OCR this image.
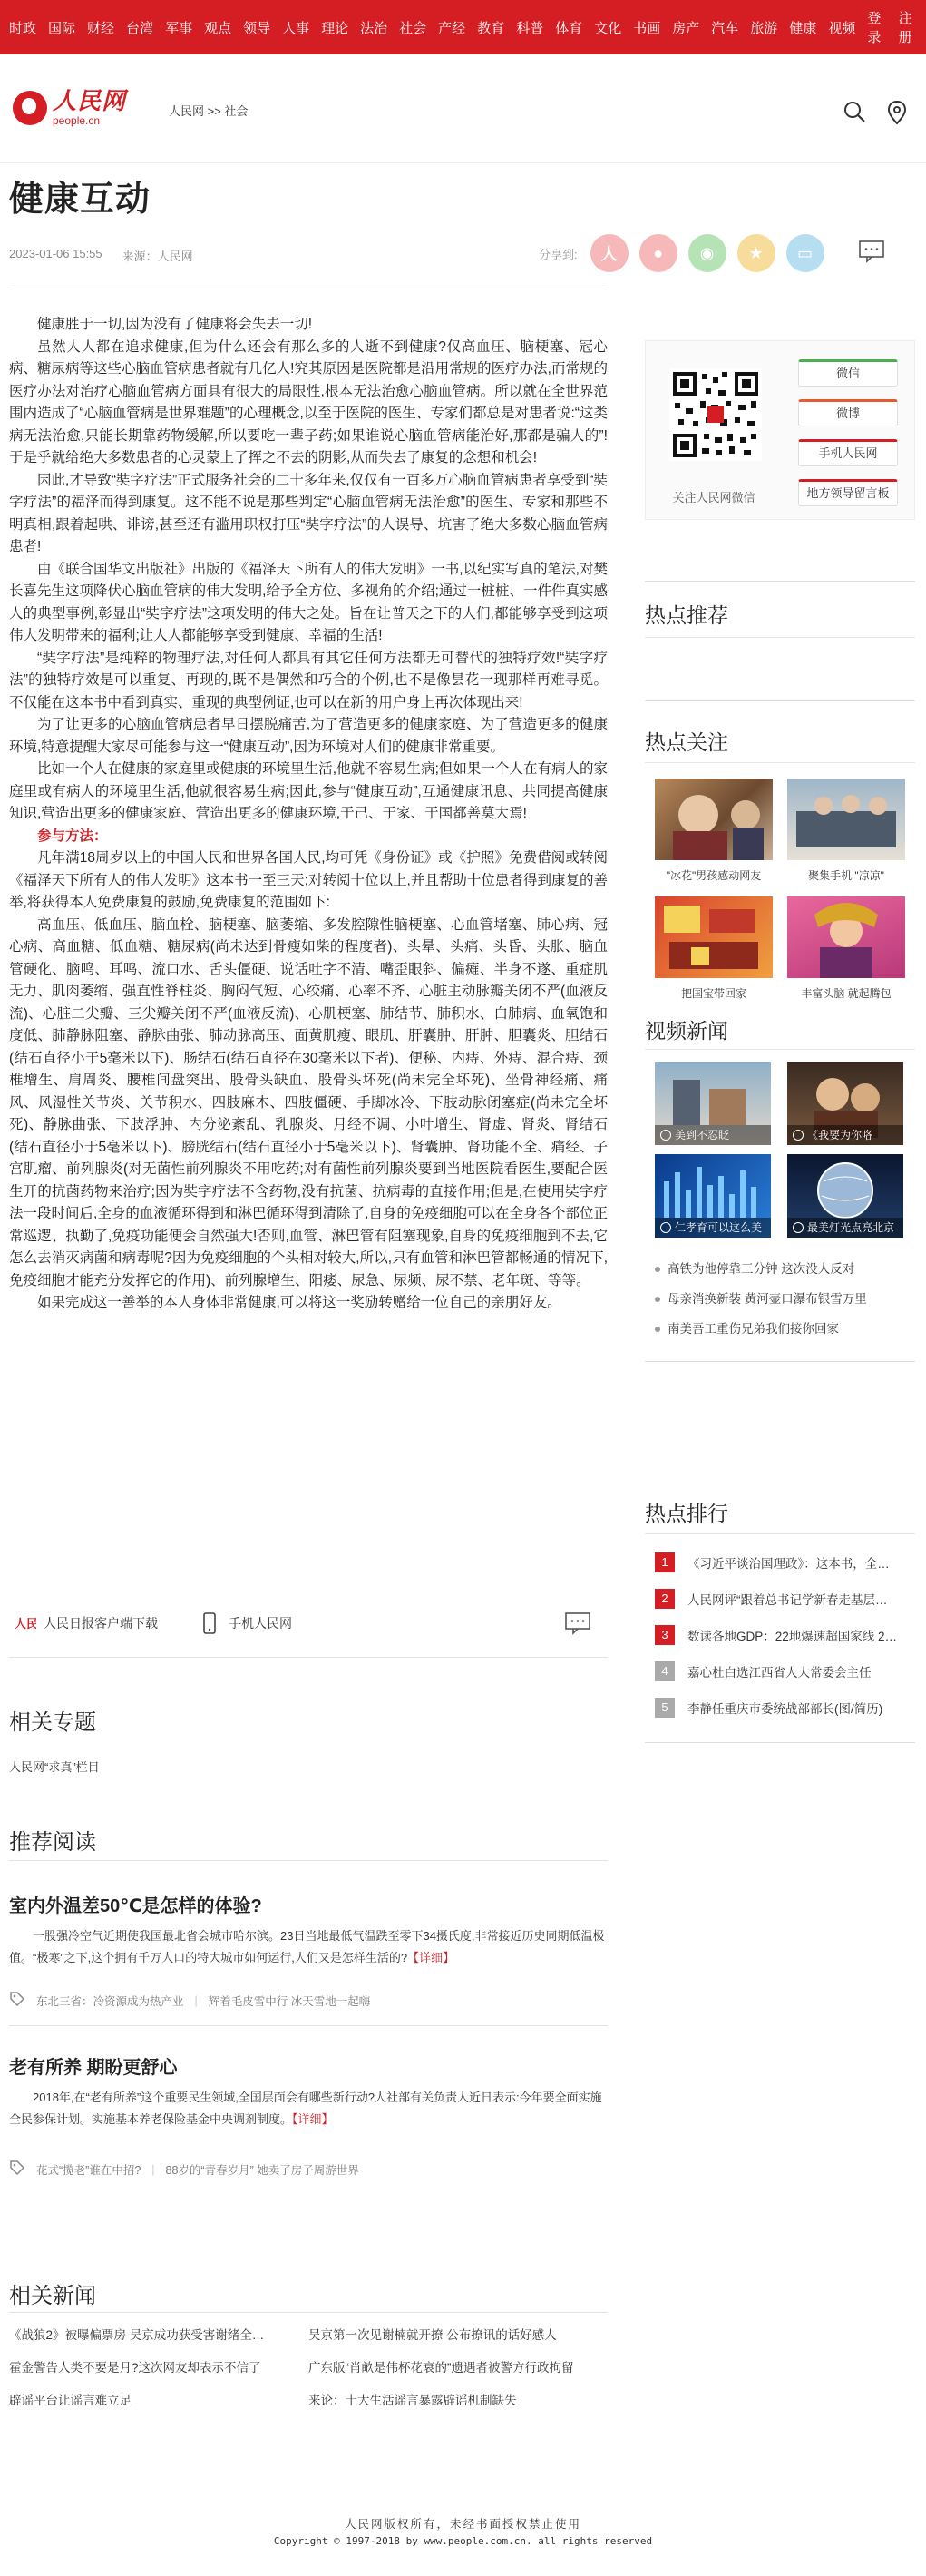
时政 国际 财经 台湾 军事 观点 领导 人事 理论 法治 社会 产经 教育 科普 体育 文化 书画 房产 汽车 旅游 健康 视频
登录
注册
人民网
people.cn
人民网 >> 社会
健康互动
2023-01-06 15:55 来源：人民网	分享到:	人	●	◉	★	▭

健康胜于一切,因为没有了健康将会失去一切!

虽然人人都在追求健康,但为什么还会有那么多的人逝不到健康?仅高血压、脑梗塞、冠心病、糖尿病等这些心脑血管病患者就有几亿人!究其原因是医院都是沿用常规的医疗办法,而常规的医疗办法对治疗心脑血管病方面具有很大的局限性,根本无法治愈心脑血管病。所以就在全世界范围内造成了“心脑血管病是世界难题”的心理概念,以至于医院的医生、专家们都总是对患者说:“这类病无法治愈,只能长期靠药物缓解,所以要吃一辈子药;如果谁说心脑血管病能治好,那都是骗人的”!于是乎就给绝大多数患者的心灵蒙上了挥之不去的阴影,从而失去了康复的念想和机会!

因此,才导致“奘字疗法”正式服务社会的二十多年来,仅仅有一百多万心脑血管病患者享受到“奘字疗法”的福泽而得到康复。这不能不说是那些判定“心脑血管病无法治愈”的医生、专家和那些不明真相,跟着起哄、诽谤,甚至还有滥用职权打压“奘字疗法”的人误导、坑害了绝大多数心脑血管病患者!

由《联合国华文出版社》出版的《福泽天下所有人的伟大发明》一书,以纪实写真的笔法,对樊长喜先生这项降伏心脑血管病的伟大发明,给予全方位、多视角的介绍;通过一桩桩、一件件真实感人的典型事例,彰显出“奘字疗法”这项发明的伟大之处。旨在让普天之下的人们,都能够享受到这项伟大发明带来的福利;让人人都能够享受到健康、幸福的生活!

“奘字疗法”是纯粹的物理疗法,对任何人都具有其它任何方法都无可替代的独特疗效!“奘字疗法”的独特疗效是可以重复、再现的,既不是偶然和巧合的个例,也不是像昙花一现那样再难寻觅。不仅能在这本书中看到真实、重现的典型例证,也可以在新的用户身上再次体现出来!

为了让更多的心脑血管病患者早日摆脱痛苦,为了营造更多的健康家庭、为了营造更多的健康环境,特意提醒大家尽可能参与这一“健康互动”,因为环境对人们的健康非常重要。

比如一个人在健康的家庭里或健康的环境里生活,他就不容易生病;但如果一个人在有病人的家庭里或有病人的环境里生活,他就很容易生病;因此,参与“健康互动”,互通健康讯息、共同提高健康知识,营造出更多的健康家庭、营造出更多的健康环境,于己、于家、于国都善莫大焉!

参与方法：

凡年满18周岁以上的中国人民和世界各国人民,均可凭《身份证》或《护照》免费借阅或转阅《福泽天下所有人的伟大发明》这本书一至三天;对转阅十位以上,并且帮助十位患者得到康复的善举,将获得本人免费康复的鼓励,免费康复的范围如下:

高血压、低血压、脑血栓、脑梗塞、脑萎缩、多发腔隙性脑梗塞、心血管堵塞、肺心病、冠心病、高血糖、低血糖、糖尿病(尚未达到骨瘦如柴的程度者)、头晕、头痛、头昏、头胀、脑血管硬化、脑鸣、耳鸣、流口水、舌头僵硬、说话吐字不清、嘴歪眼斜、偏瘫、半身不遂、重症肌无力、肌肉萎缩、强直性脊柱炎、胸闷气短、心绞痛、心率不齐、心脏主动脉瓣关闭不严(血液反流)、心脏二尖瓣、三尖瓣关闭不严(血液反流)、心肌梗塞、肺结节、肺积水、白肺病、血氧饱和度低、肺静脉阻塞、静脉曲张、肺动脉高压、面黄肌瘦、眼肌、肝囊肿、肝肿、胆囊炎、胆结石(结石直径小于5毫米以下)、肠结石(结石直径在30毫米以下者)、便秘、内痔、外痔、混合痔、颈椎增生、肩周炎、腰椎间盘突出、股骨头缺血、股骨头坏死(尚未完全坏死)、坐骨神经痛、痛风、风湿性关节炎、关节积水、四肢麻木、四肢僵硬、手脚冰冷、下肢动脉闭塞症(尚未完全坏死)、静脉曲张、下肢浮肿、内分泌紊乱、乳腺炎、月经不调、小叶增生、肾虚、肾炎、肾结石(结石直径小于5毫米以下)、膀胱结石(结石直径小于5毫米以下)、肾囊肿、肾功能不全、痛经、子宫肌瘤、前列腺炎(对无菌性前列腺炎不用吃药;对有菌性前列腺炎要到当地医院看医生,要配合医生开的抗菌药物来治疗;因为奘字疗法不含药物,没有抗菌、抗病毒的直接作用;但是,在使用奘字疗法一段时间后,全身的血液循环得到和淋巴循环得到清除了,自身的免疫细胞可以在全身各个部位正常巡逻、执勤了,免疫功能便会自然强大!否则,血管、淋巴管有阻塞现象,自身的免疫细胞到不去,它怎么去消灭病菌和病毒呢?因为免疫细胞的个头相对较大,所以,只有血管和淋巴管都畅通的情况下,免疫细胞才能充分发挥它的作用)、前列腺增生、阳痿、尿急、尿频、尿不禁、老年斑、等等。

如果完成这一善举的本人身体非常健康,可以将这一奖励转赠给一位自己的亲朋好友。

人民 人民日报客户端下载	手机人民网
相关专题
人民网“求真”栏目
推荐阅读
室内外温差50℃是怎样的体验?
一股强冷空气近期使我国最北省会城市哈尔滨。23日当地最低气温跌至零下34摄氏度,非常接近历史同期低温极值。“极寒”之下,这个拥有千万人口的特大城市如何运行,人们又是怎样生活的?【详细】
东北三省：冷资源成为热产业 | 辉着毛皮雪中行 冰天雪地一起嗨
老有所养 期盼更舒心
2018年,在“老有所养”这个重要民生领域,全国层面会有哪些新行动?人社部有关负责人近日表示:今年要全面实施全民参保计划。实施基本养老保险基金中央调剂制度。【详细】
花式“揽老”谁在中招? | 88岁的“青春岁月” 她卖了房子周游世界
相关新闻
《战狼2》被曝偏票房 吴京成功获受害谢绪全…
霍金警告人类不要是月?这次网友却表示不信了
辟谣平台让谣言难立足
吴京第一次见谢楠就开撩 公布撩讯的话好感人
广东版“肖畝是伟杯花衰的”遗遇者被警方行政拘留
来论：十大生活谣言暴露辟谣机制缺失
人民网版权所有，未经书面授权禁止使用
Copyright © 1997-2018 by www.people.com.cn. all rights reserved
关注人民网微信
微信
微博
手机人民网
地方领导留言板
热点推荐
热点关注
"冰花"男孩感动网友	聚集手机 "凉凉"
把国宝带回家	丰富头脑 就起腾包
视频新闻
美到不忍眨	《我要为你咯
仁孝育可以这么美	最美灯光点亮北京
高铁为他停靠三分钟 这次没人反对
母亲消换新装 黄河壶口瀑布银雪万里
南美吾工重伤兄弟我们接你回家
热点排行
1	《习近平谈治国理政》：这本书，全…
2	人民网评“跟着总书记学新春走基层…
3	数读各地GDP：22地爆速超国家线 2…
4	嘉心杜白选江西省人大常委会主任
5	李静任重庆市委统战部部长(图/简历)
